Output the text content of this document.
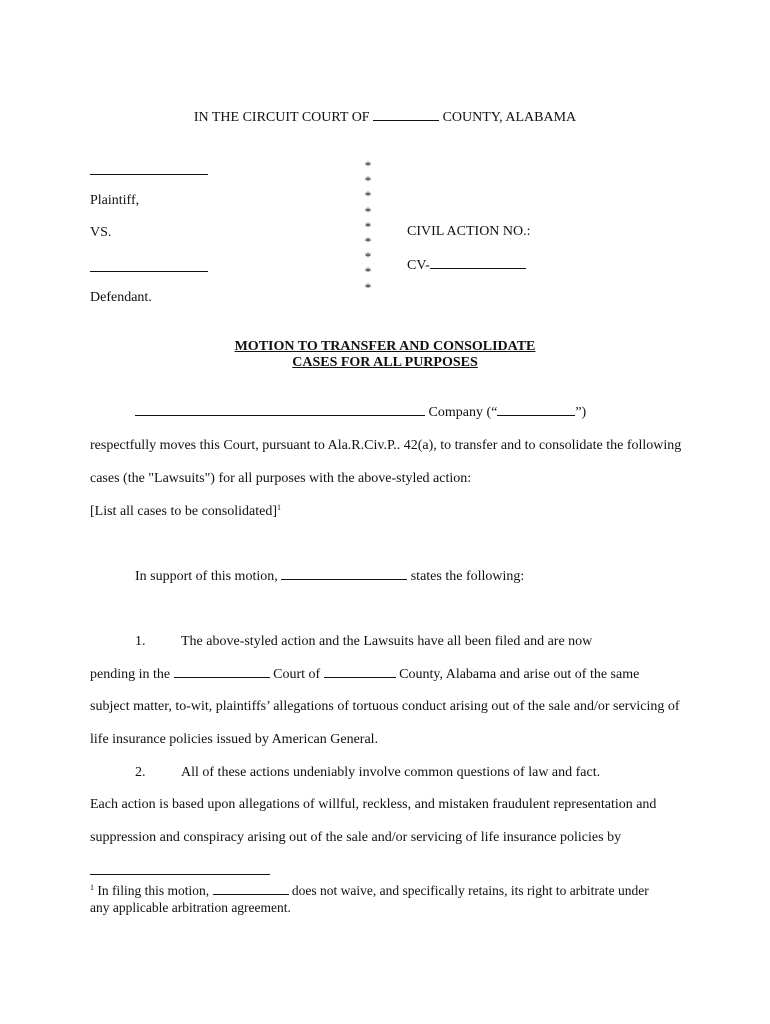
IN THE CIRCUIT COURT OF	COUNTY, ALABAMA
Plaintiff,
VS.
Defendant.
*
*
*
*
*
*
*
*
*
CIVIL ACTION NO.:
CV-
MOTION TO TRANSFER AND CONSOLIDATE
CASES FOR ALL PURPOSES
Company (“	”)
respectfully moves this Court, pursuant to Ala.R.Civ.P.. 42(a), to transfer and to consolidate the following
cases (the "Lawsuits") for all purposes with the above-styled action:
[List all cases to be consolidated]$^1$
In support of this motion,	states the following:
1.	The above-styled action and the Lawsuits have all been filed and are now
pending in the	Court of	County, Alabama and arise out of the same
subject matter, to-wit, plaintiffs’ allegations of tortuous conduct arising out of the sale and/or servicing of
life insurance policies issued by American General.
2.	All of these actions undeniably involve common questions of law and fact.
Each action is based upon allegations of willful, reckless, and mistaken fraudulent representation and
suppression and conspiracy arising out of the sale and/or servicing of life insurance policies by
$^1$ In filing this motion,	does not waive, and specifically retains, its right to arbitrate under
any applicable arbitration agreement.
